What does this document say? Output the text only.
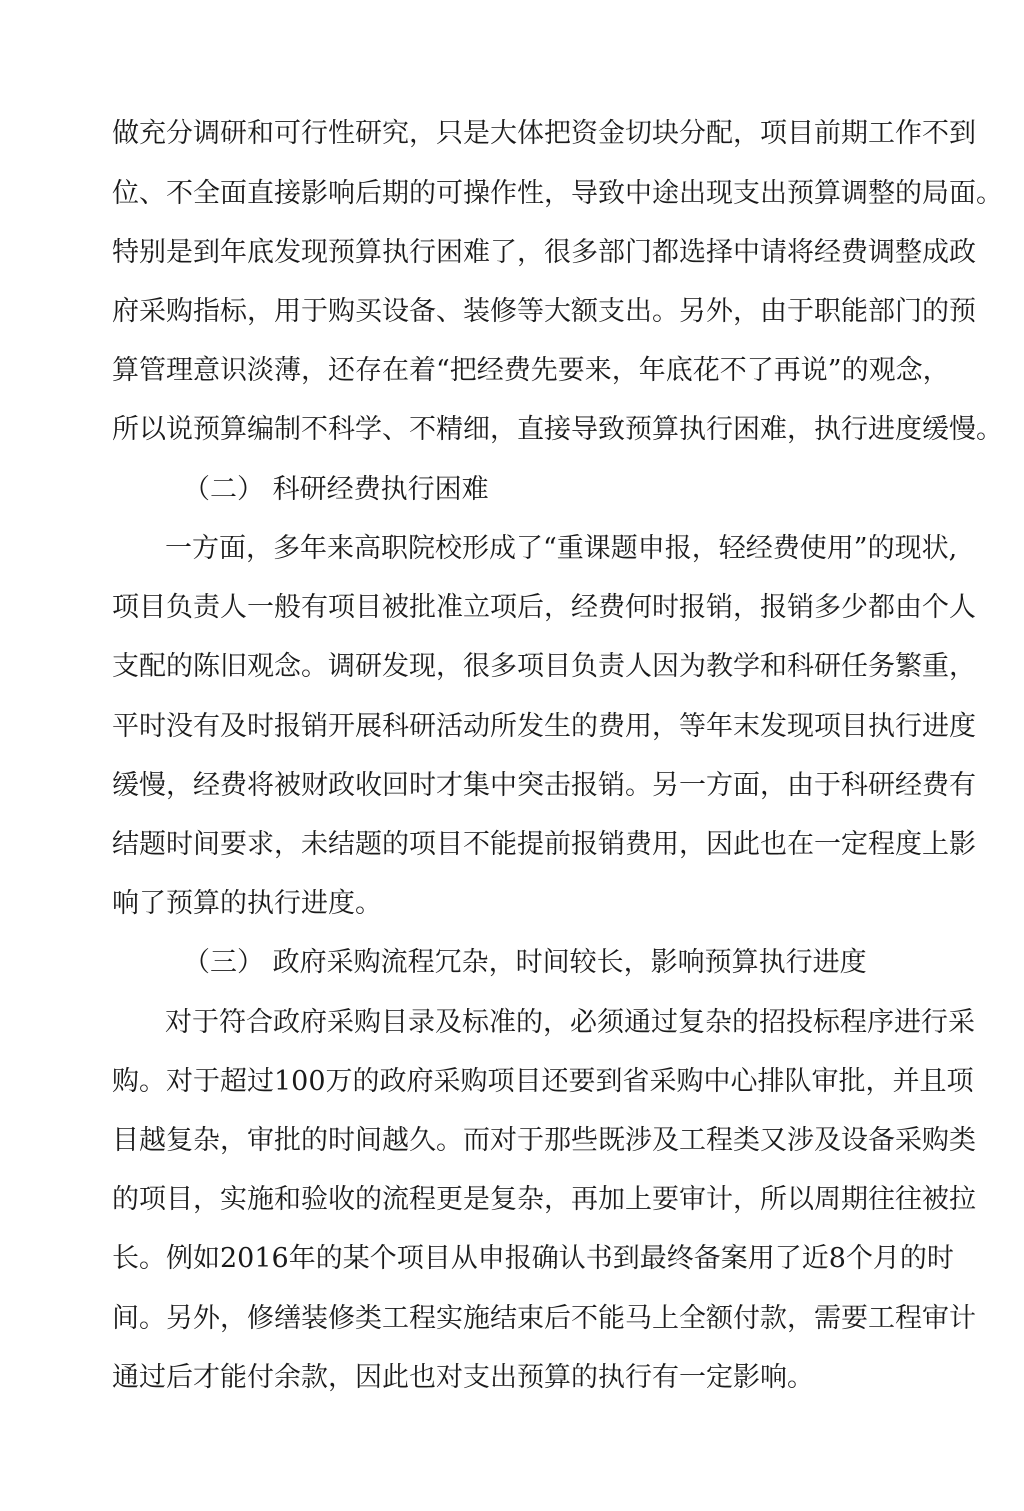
做充分调研和可行性研究，只是大体把资金切块分配，项目前期工作不到
位、不全面直接影响后期的可操作性，导致中途出现支出预算调整的局面。
特别是到年底发现预算执行困难了，很多部门都选择中请将经费调整成政
府采购指标，用于购买设备、装修等大额支出。另外，由于职能部门的预
算管理意识淡薄，还存在着“把经费先要来，年底花不了再说”的观念，
所以说预算编制不科学、不精细，直接导致预算执行困难，执行进度缓慢。
（二） 科研经费执行困难
一方面，多年来高职院校形成了“重课题申报，轻经费使用”的现状,
项目负责人一般有项目被批准立项后，经费何时报销，报销多少都由个人
支配的陈旧观念。调研发现，很多项目负责人因为教学和科研任务繁重，
平时没有及时报销开展科研活动所发生的费用，等年末发现项目执行进度
缓慢，经费将被财政收回时才集中突击报销。另一方面，由于科研经费有
结题时间要求，未结题的项目不能提前报销费用，因此也在一定程度上影
响了预算的执行进度。
（三） 政府采购流程冗杂，时间较长，影响预算执行进度
对于符合政府采购目录及标准的，必须通过复杂的招投标程序进行采
购。对于超过100万的政府采购项目还要到省采购中心排队审批，并且项
目越复杂，审批的时间越久。而对于那些既涉及工程类又涉及设备采购类
的项目，实施和验收的流程更是复杂，再加上要审计，所以周期往往被拉
长。例如2016年的某个项目从申报确认书到最终备案用了近8个月的时
间。另外，修缮装修类工程实施结束后不能马上全额付款，需要工程审计
通过后才能付余款，因此也对支出预算的执行有一定影响。
